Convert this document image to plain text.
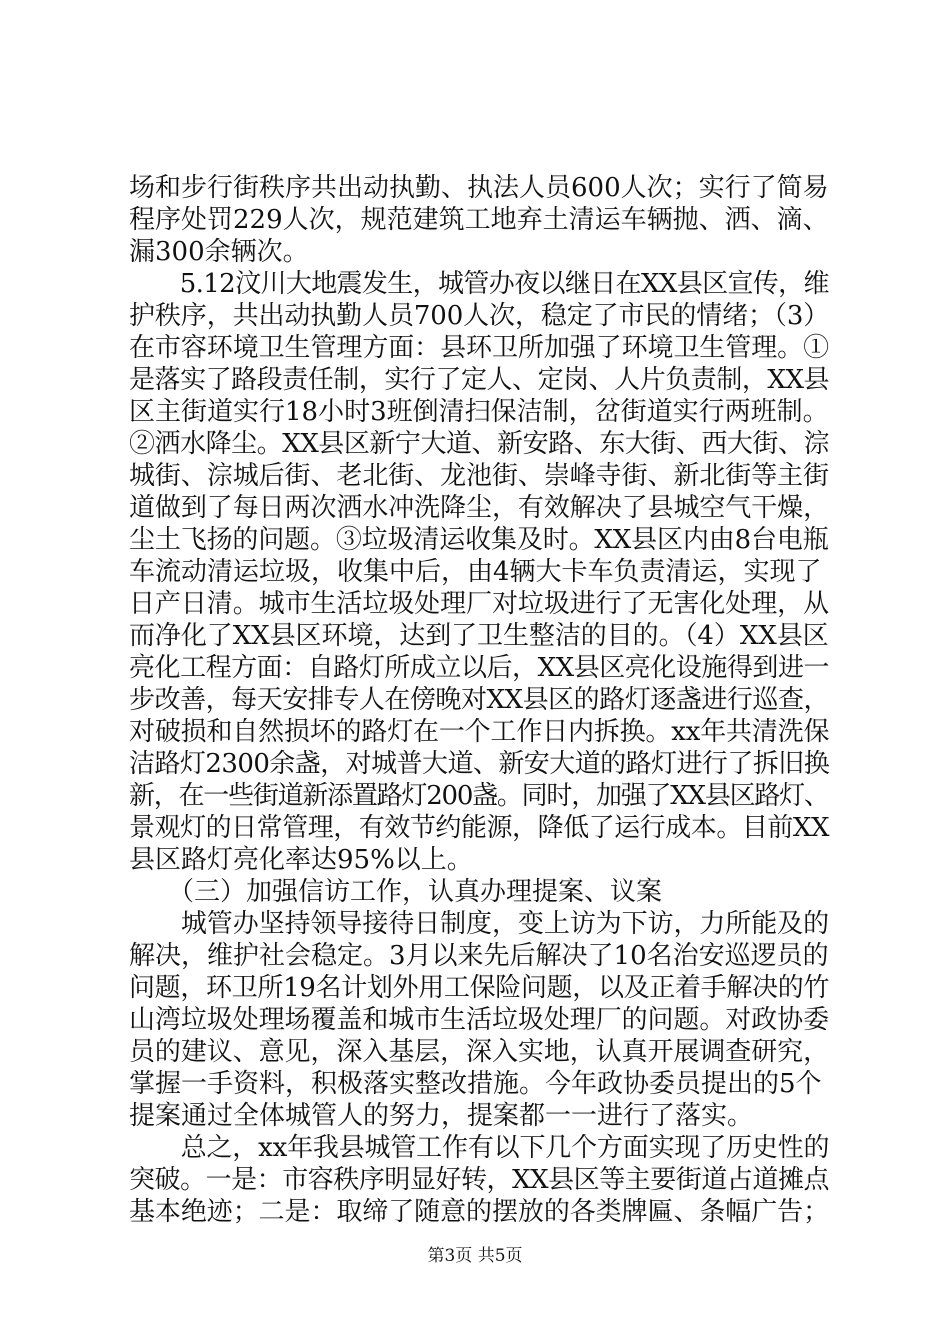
场和步行街秩序共出动执勤、执法人员600人次；实行了简易
程序处罚229人次，规范建筑工地弃土清运车辆抛、洒、滴、
漏300余辆次。
　　5.12汶川大地震发生，城管办夜以继日在XX县区宣传，维
护秩序，共出动执勤人员700人次，稳定了市民的情绪；（3）
在市容环境卫生管理方面：县环卫所加强了环境卫生管理。①
是落实了路段责任制，实行了定人、定岗、人片负责制，XX县
区主街道实行18小时3班倒清扫保洁制，岔街道实行两班制。
②洒水降尘。XX县区新宁大道、新安路、东大街、西大街、淙
城街、淙城后街、老北街、龙池街、崇峰寺街、新北街等主街
道做到了每日两次洒水冲洗降尘，有效解决了县城空气干燥，
尘土飞扬的问题。③垃圾清运收集及时。XX县区内由8台电瓶
车流动清运垃圾，收集中后，由4辆大卡车负责清运，实现了
日产日清。城市生活垃圾处理厂对垃圾进行了无害化处理，从
而净化了XX县区环境，达到了卫生整洁的目的。（4）XX县区
亮化工程方面：自路灯所成立以后，XX县区亮化设施得到进一
步改善，每天安排专人在傍晚对XX县区的路灯逐盏进行巡查，
对破损和自然损坏的路灯在一个工作日内拆换。xx年共清洗保
洁路灯2300余盏，对城普大道、新安大道的路灯进行了拆旧换
新，在一些街道新添置路灯200盏。同时，加强了XX县区路灯、
景观灯的日常管理，有效节约能源，降低了运行成本。目前XX
县区路灯亮化率达95%以上。
　　（三）加强信访工作，认真办理提案、议案
　　城管办坚持领导接待日制度，变上访为下访，力所能及的
解决，维护社会稳定。3月以来先后解决了10名治安巡逻员的
问题，环卫所19名计划外用工保险问题，以及正着手解决的竹
山湾垃圾处理场覆盖和城市生活垃圾处理厂的问题。对政协委
员的建议、意见，深入基层，深入实地，认真开展调查研究，
掌握一手资料，积极落实整改措施。今年政协委员提出的5个
提案通过全体城管人的努力，提案都一一进行了落实。
　　总之，xx年我县城管工作有以下几个方面实现了历史性的
突破。一是：市容秩序明显好转，XX县区等主要街道占道摊点
基本绝迹；二是：取缔了随意的摆放的各类牌匾、条幅广告；
第3页 共5页
